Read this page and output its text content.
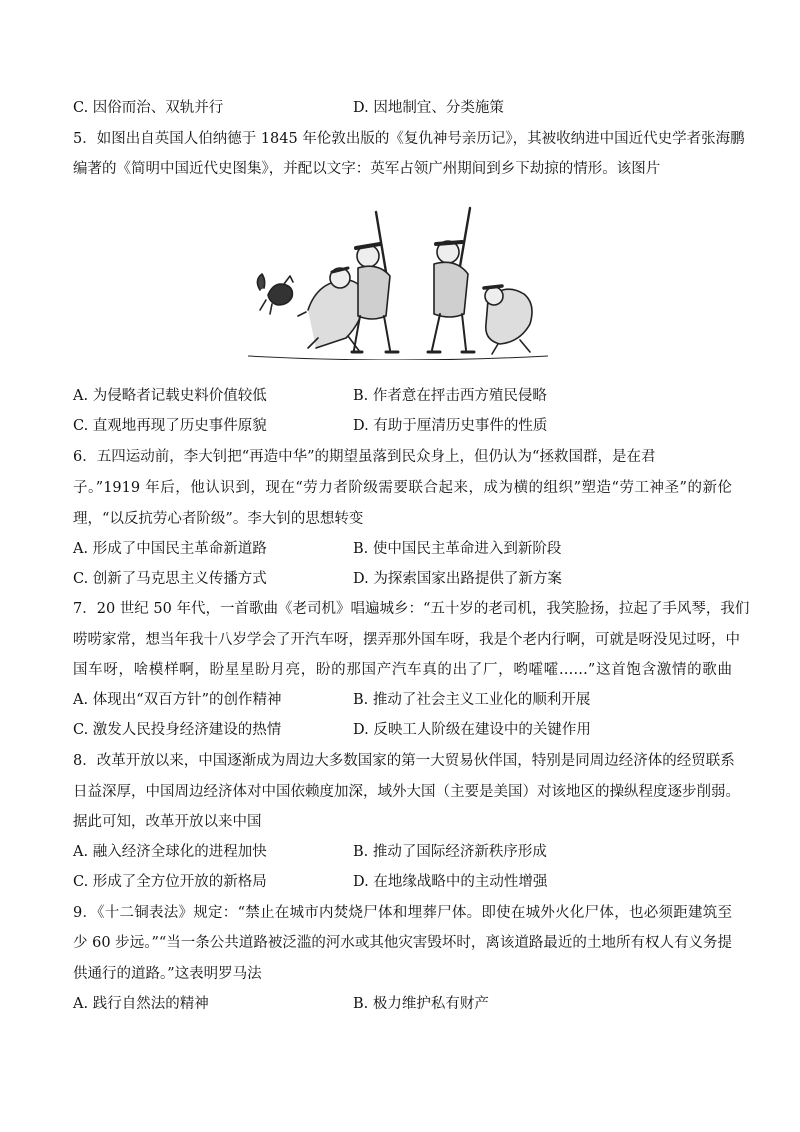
C. 因俗而治、双轨并行	D. 因地制宜、分类施策
5．如图出自英国人伯纳德于 1845 年伦敦出版的《复仇神号亲历记》，其被收纳进中国近代史学者张海鹏
编著的《简明中国近代史图集》，并配以文字：英军占领广州期间到乡下劫掠的情形。该图片
A. 为侵略者记载史料价值较低	B. 作者意在抨击西方殖民侵略
C. 直观地再现了历史事件原貌	D. 有助于厘清历史事件的性质
6．五四运动前，李大钊把“再造中华”的期望虽落到民众身上，但仍认为“拯救国群，是在君
子。”1919 年后，他认识到，现在“劳力者阶级需要联合起来，成为横的组织”塑造“劳工神圣”的新伦
理，“以反抗劳心者阶级”。李大钊的思想转变
A. 形成了中国民主革命新道路	B. 使中国民主革命进入到新阶段
C. 创新了马克思主义传播方式	D. 为探索国家出路提供了新方案
7．20 世纪 50 年代，一首歌曲《老司机》唱遍城乡：“五十岁的老司机，我笑脸扬，拉起了手风琴，我们
唠唠家常，想当年我十八岁学会了开汽车呀，摆弄那外国车呀，我是个老内行啊，可就是呀没见过呀，中
国车呀，啥模样啊，盼星星盼月亮，盼的那国产汽车真的出了厂，哟嚯嚯……”这首饱含激情的歌曲
A. 体现出“双百方针”的创作精神	B. 推动了社会主义工业化的顺利开展
C. 激发人民投身经济建设的热情	D. 反映工人阶级在建设中的关键作用
8．改革开放以来，中国逐渐成为周边大多数国家的第一大贸易伙伴国，特别是同周边经济体的经贸联系
日益深厚，中国周边经济体对中国依赖度加深，域外大国（主要是美国）对该地区的操纵程度逐步削弱。
据此可知，改革开放以来中国
A. 融入经济全球化的进程加快	B. 推动了国际经济新秩序形成
C. 形成了全方位开放的新格局	D. 在地缘战略中的主动性增强
9．《十二铜表法》规定：“禁止在城市内焚烧尸体和埋葬尸体。即使在城外火化尸体，也必须距建筑至
少 60 步远。”“当一条公共道路被泛滥的河水或其他灾害毁坏时，离该道路最近的土地所有权人有义务提
供通行的道路。”这表明罗马法
A. 践行自然法的精神	B. 极力维护私有财产
